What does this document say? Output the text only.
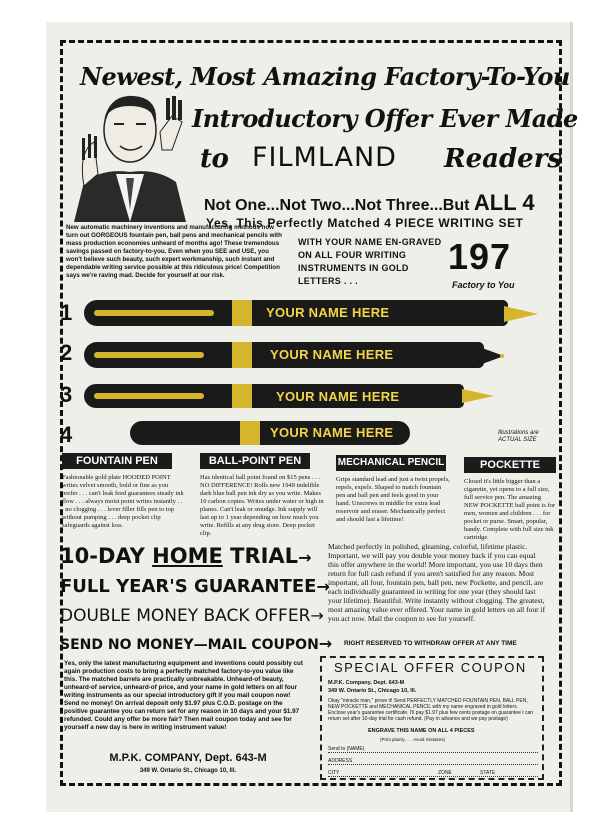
Newest, Most Amazing Factory-To-You
Introductory Offer Ever Made
to FILMLAND Readers
Not One...Not Two...Not Three...But ALL 4
Yes, This Perfectly Matched 4 PIECE WRITING SET
New automatic machinery inventions and manufacturing methods now turn out GORGEOUS fountain pen, ball pens and mechanical pencils with mass production economies unheard of months ago! These tremendous savings passed on factory-to-you. Even when you SEE and USE, you won't believe such beauty, such expert workmanship, such instant and dependable writing service possible at this ridiculous price! Competition says we're raving mad. Decide for yourself at our risk.
WITH YOUR NAME EN-GRAVED ON ALL FOUR WRITING INSTRUMENTS IN GOLD LETTERS . . .
197
Factory to You
1	YOUR NAME HERE
2	YOUR NAME HERE
3	YOUR NAME HERE
4	YOUR NAME HERE	Illustrations are ACTUAL SIZE
FOUNTAIN PEN	BALL-POINT PEN	MECHANICAL PENCIL	POCKETTE
Fashionable gold plate HOODED POINT writes velvet smooth, bold or fine as you prefer . . . can't leak feed guarantees steady ink flow . . . always moist point writes instantly . . . no clogging . . . lever filler fills pen to top without pumping . . . deep pocket clip safeguards against loss.
Has identical ball point found on $15 pens . . . NO DIFFERENCE! Rolls new 1949 indelible dark blue ball pen ink dry as you write. Makes 10 carbon copies. Writes under water or high in planes. Can't leak or smudge. Ink supply will last up to 1 year depending on how much you write. Refills at any drug store. Deep pocket clip.
Grips standard lead and just a twist propels, repels, expels. Shaped to match fountain pen and ball pen and feels good in your hand. Unscrews in middle for extra lead reservoir and eraser. Mechanically perfect and should last a lifetime!
Closed it's little bigger than a cigarette, yet opens to a full size, full service pen. The amazing NEW POCKETTE ball point is for men, women and children . . . for pocket or purse. Smart, popular, handy. Complete with full size ink cartridge.
10-DAY HOME TRIAL→
FULL YEAR'S GUARANTEE→
DOUBLE MONEY BACK OFFER→
SEND NO MONEY—MAIL COUPON→
Matched perfectly in polished, gleaming, colorful, lifetime plastic. Important, we will pay you double your money back if you can equal this offer anywhere in the world! More important, you use 10 days then return for full cash refund if you aren't satisfied for any reason. Most important, all four, fountain pen, ball pen, new Pockette, and pencil, are each individually guaranteed in writing for one year (they should last your lifetime). Beautiful. Write instantly without clogging. The greatest, most amazing value ever offered. Your name in gold letters on all four if you act now. Mail the coupon to see for yourself.
RIGHT RESERVED TO WITHDRAW OFFER AT ANY TIME
Yes, only the latest manufacturing equipment and inventions could possibly cut again production costs to bring a perfectly matched factory-to-you value like this. The matched barrels are practically unbreakable. Unheard-of beauty, unheard-of service, unheard-of price, and your name in gold letters on all four writing instruments as our special introductory gift if you mail coupon now! Send no money! On arrival deposit only $1.97 plus C.O.D. postage on the positive guarantee you can return set for any reason in 10 days and your $1.97 refunded. Could any offer be more fair? Then mail coupon today and see for yourself a new day is here in writing instrument value!
M.P.K. COMPANY, Dept. 643-M
349 W. Ontario St., Chicago 10, Ill.
SPECIAL OFFER COUPON
M.P.K. Company, Dept. 643-M
349 W. Ontario St., Chicago 10, Ill.
Okay "miracle man," prove it! Send PERFECTLY MATCHED FOUNTAIN PEN, BALL PEN, NEW POCKETTE and MECHANICAL PENCIL with my name engraved in gold letters. Enclose year's guarantee certificate. I'll pay $1.97 plus few cents postage on guarantee I can return set after 10-day trial for cash refund. (Pay in advance and we pay postage)
ENGRAVE THIS NAME ON ALL 4 PIECES
(Print plainly . . . Avoid mistakes)
Send to (NAME)
ADDRESS
CITY	ZONE	STATE
